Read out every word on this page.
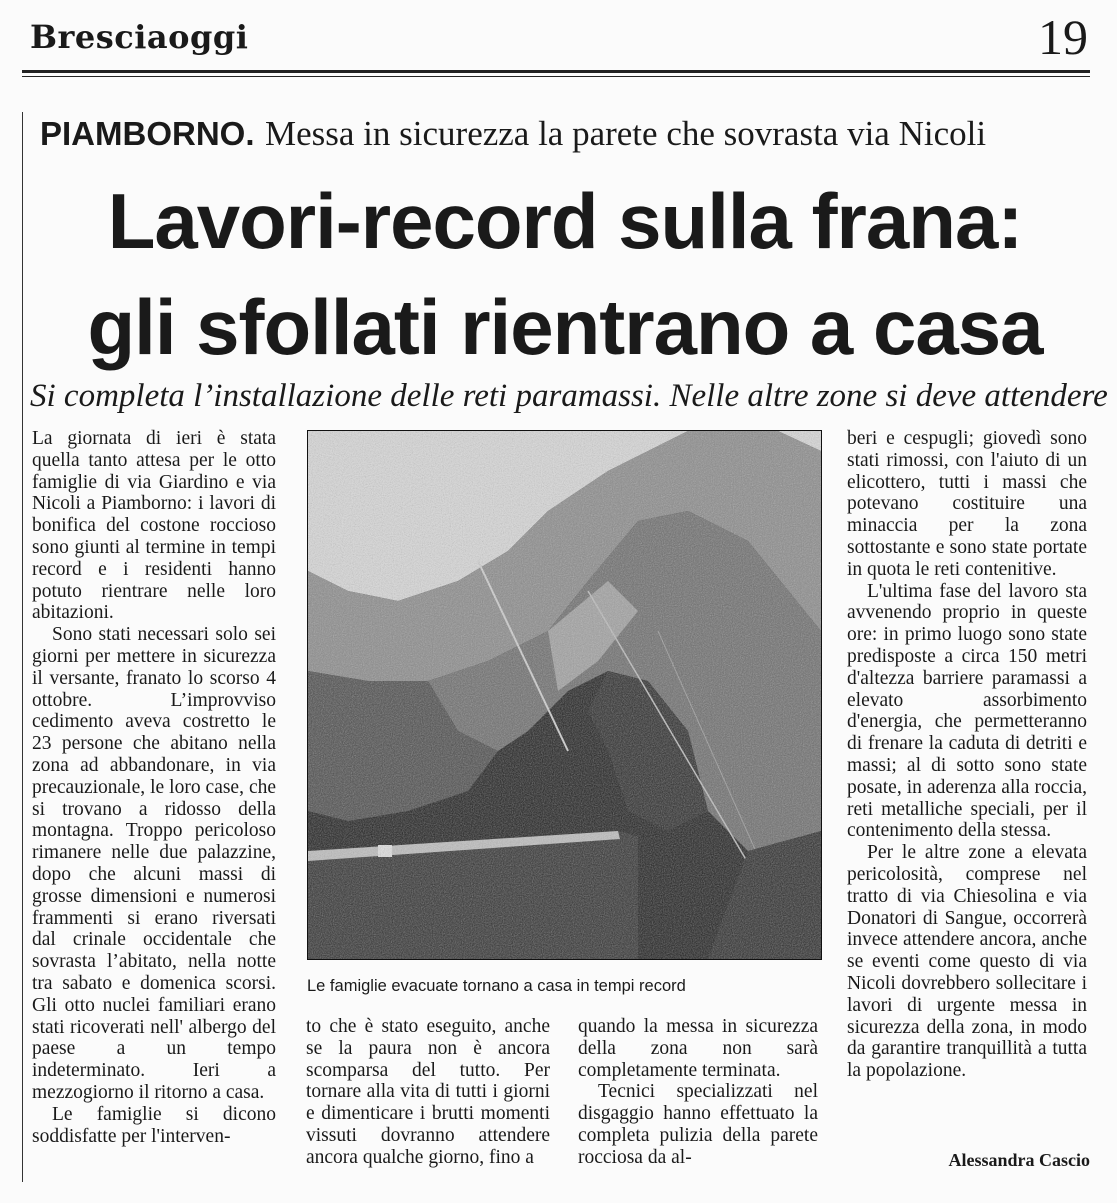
Bresciaoggi	19
PIAMBORNO. Messa in sicurezza la parete che sovrasta via Nicoli
Lavori-record sulla frana:
gli sfollati rientrano a casa
Si completa l’installazione delle reti paramassi. Nelle altre zone si deve attendere

La giornata di ieri è stata quella tanto attesa per le otto famiglie di via Giardino e via Nicoli a Piamborno: i lavori di bonifica del costone roccioso sono giunti al termine in tempi record e i residenti hanno potuto rientrare nelle loro abitazioni.

Sono stati necessari solo sei giorni per mettere in sicurezza il versante, franato lo scorso 4 ottobre. L’improvviso cedimento aveva costretto le 23 persone che abitano nella zona ad abbandonare, in via precauzionale, le loro case, che si trovano a ridosso della montagna. Troppo pericoloso rimanere nelle due palazzine, dopo che alcuni massi di grosse dimensioni e numerosi frammenti si erano riversati dal crinale occidentale che sovrasta l’abitato, nella notte tra sabato e domenica scorsi. Gli otto nuclei familiari erano stati ricoverati nell' albergo del paese a un tempo indeterminato. Ieri a mezzogiorno il ritorno a casa.

Le famiglie si dicono soddisfatte per l'interven-

Le famiglie evacuate tornano a casa in tempi record

to che è stato eseguito, anche se la paura non è ancora scomparsa del tutto. Per tornare alla vita di tutti i giorni e dimenticare i brutti momenti vissuti dovranno attendere ancora qualche giorno, fino a

quando la messa in sicurezza della zona non sarà completamente terminata.

Tecnici specializzati nel disgaggio hanno effettuato la completa pulizia della parete rocciosa da al-

beri e cespugli; giovedì sono stati rimossi, con l'aiuto di un elicottero, tutti i massi che potevano costituire una minaccia per la zona sottostante e sono state portate in quota le reti contenitive.

L'ultima fase del lavoro sta avvenendo proprio in queste ore: in primo luogo sono state predisposte a circa 150 metri d'altezza barriere paramassi a elevato assorbimento d'energia, che permetteranno di frenare la caduta di detriti e massi; al di sotto sono state posate, in aderenza alla roccia, reti metalliche speciali, per il contenimento della stessa.

Per le altre zone a elevata pericolosità, comprese nel tratto di via Chiesolina e via Donatori di Sangue, occorrerà invece attendere ancora, anche se eventi come questo di via Nicoli dovrebbero sollecitare i lavori di urgente messa in sicurezza della zona, in modo da garantire tranquillità a tutta la popolazione.

Alessandra Cascio
